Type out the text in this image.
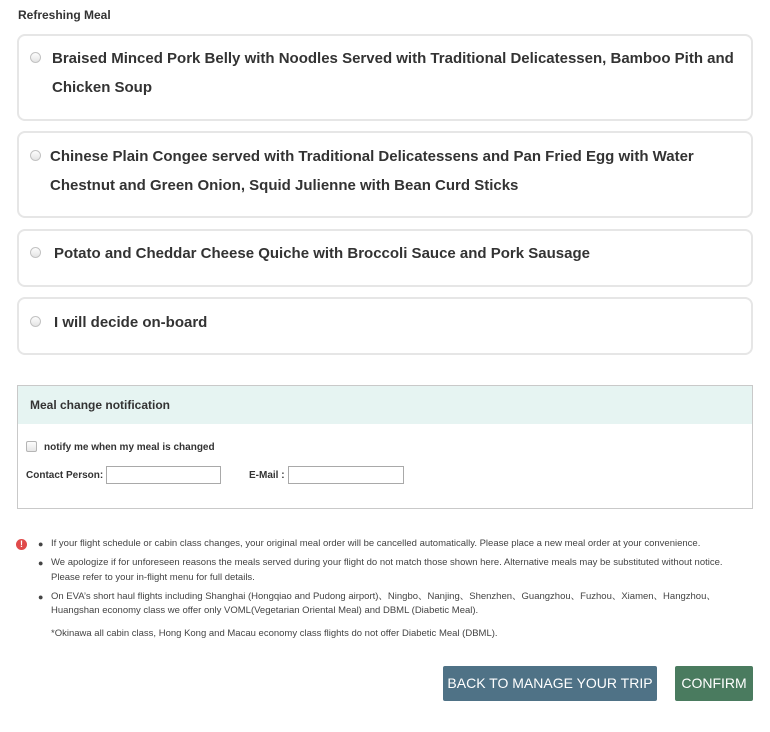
Refreshing Meal
Braised Minced Pork Belly with Noodles Served with Traditional Delicatessen, Bamboo Pith and Chicken Soup
Chinese Plain Congee served with Traditional Delicatessens and Pan Fried Egg with Water Chestnut and Green Onion, Squid Julienne with Bean Curd Sticks
Potato and Cheddar Cheese Quiche with Broccoli Sauce and Pork Sausage
I will decide on-board
Meal change notification
notify me when my meal is changed
Contact Person:	E-Mail :
!	● If your flight schedule or cabin class changes, your original meal order will be cancelled automatically. Please place a new meal order at your convenience.
● We apologize if for unforeseen reasons the meals served during your flight do not match those shown here. Alternative meals may be substituted without notice. Please refer to your in-flight menu for full details.
● On EVA’s short haul flights including Shanghai (Hongqiao and Pudong airport)、Ningbo、Nanjing、Shenzhen、Guangzhou、Fuzhou、Xiamen、Hangzhou、Huangshan economy class we offer only VOML(Vegetarian Oriental Meal) and DBML (Diabetic Meal).
*Okinawa all cabin class, Hong Kong and Macau economy class flights do not offer Diabetic Meal (DBML).
BACK TO MANAGE YOUR TRIP	CONFIRM
